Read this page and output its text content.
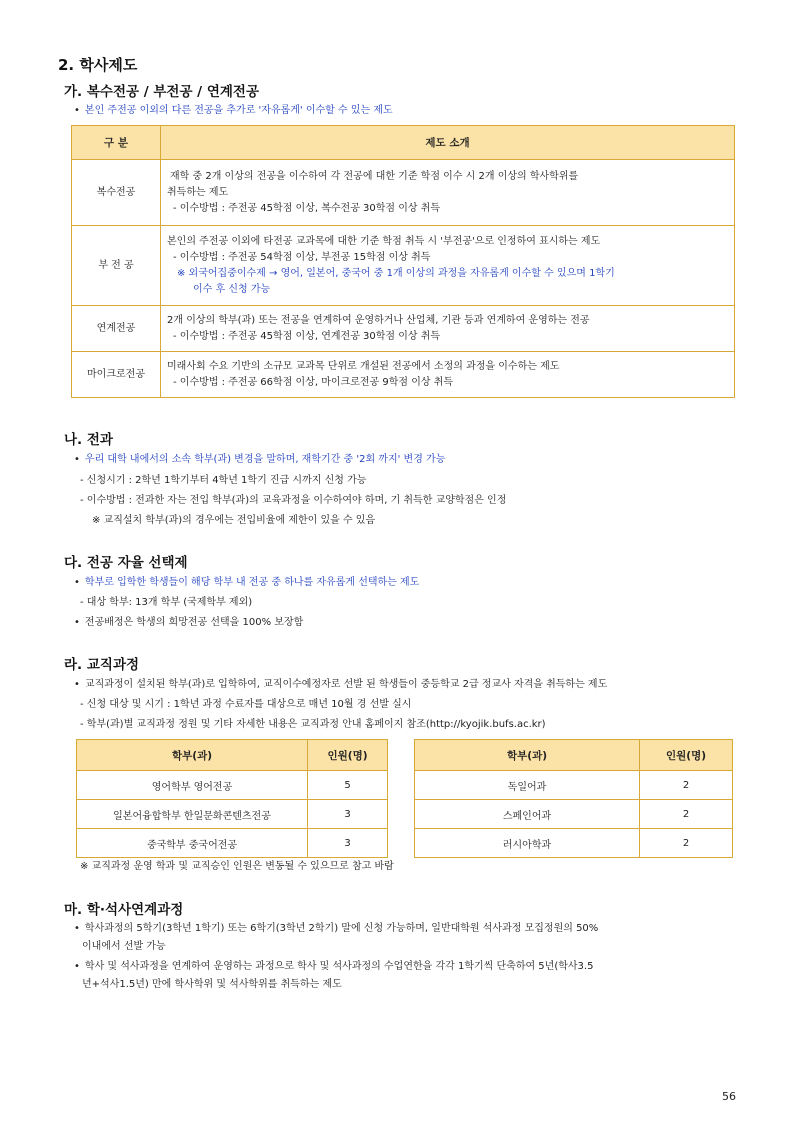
2. 학사제도
가. 복수전공 / 부전공 / 연계전공
• 본인 주전공 이외의 다른 전공을 추가로 '자유롭게' 이수할 수 있는 제도
구 분	제도 소개
복수전공	재학 중 2개 이상의 전공을 이수하여 각 전공에 대한 기준 학점 이수 시 2개 이상의 학사학위를
취득하는 제도
- 이수방법 : 주전공 45학점 이상, 복수전공 30학점 이상 취득

부 전 공	본인의 주전공 이외에 타전공 교과목에 대한 기준 학점 취득 시 '부전공'으로 인정하여 표시하는 제도
- 이수방법 : 주전공 54학점 이상, 부전공 15학점 이상 취득
※ 외국어집중이수제 → 영어, 일본어, 중국어 중 1개 이상의 과정을 자유롭게 이수할 수 있으며 1학기
이수 후 신청 가능

연계전공	2개 이상의 학부(과) 또는 전공을 연계하여 운영하거나 산업체, 기관 등과 연계하여 운영하는 전공
- 이수방법 : 주전공 45학점 이상, 연계전공 30학점 이상 취득

마이크로전공	미래사회 수요 기반의 소규모 교과목 단위로 개설된 전공에서 소정의 과정을 이수하는 제도
- 이수방법 : 주전공 66학점 이상, 마이크로전공 9학점 이상 취득
나. 전과
• 우리 대학 내에서의 소속 학부(과) 변경을 말하며, 재학기간 중 '2회 까지' 변경 가능
- 신청시기 : 2학년 1학기부터 4학년 1학기 진급 시까지 신청 가능
- 이수방법 : 전과한 자는 전입 학부(과)의 교육과정을 이수하여야 하며, 기 취득한 교양학점은 인정
※ 교직설치 학부(과)의 경우에는 전입비율에 제한이 있을 수 있음
다. 전공 자율 선택제
• 학부로 입학한 학생들이 해당 학부 내 전공 중 하나를 자유롭게 선택하는 제도
- 대상 학부: 13개 학부 (국제학부 제외)
• 전공배정은 학생의 희망전공 선택을 100% 보장함
라. 교직과정
• 교직과정이 설치된 학부(과)로 입학하여, 교직이수예정자로 선발 된 학생들이 중등학교 2급 정교사 자격을 취득하는 제도
- 신청 대상 및 시기 : 1학년 과정 수료자를 대상으로 매년 10월 경 선발 실시
- 학부(과)별 교직과정 정원 및 기타 자세한 내용은 교직과정 안내 홈페이지 참조(http://kyojik.bufs.ac.kr)
학부(과)	인원(명)
영어학부 영어전공	5
일본어융합학부 한일문화콘텐츠전공	3
중국학부 중국어전공	3
학부(과)	인원(명)
독일어과	2
스페인어과	2
러시아학과	2
※ 교직과정 운영 학과 및 교직승인 인원은 변동될 수 있으므로 참고 바람
마. 학·석사연계과정
• 학사과정의 5학기(3학년 1학기) 또는 6학기(3학년 2학기) 말에 신청 가능하며, 일반대학원 석사과정 모집정원의 50%
이내에서 선발 가능
• 학사 및 석사과정을 연계하여 운영하는 과정으로 학사 및 석사과정의 수업연한을 각각 1학기씩 단축하여 5년(학사3.5
년+석사1.5년) 만에 학사학위 및 석사학위를 취득하는 제도
56
